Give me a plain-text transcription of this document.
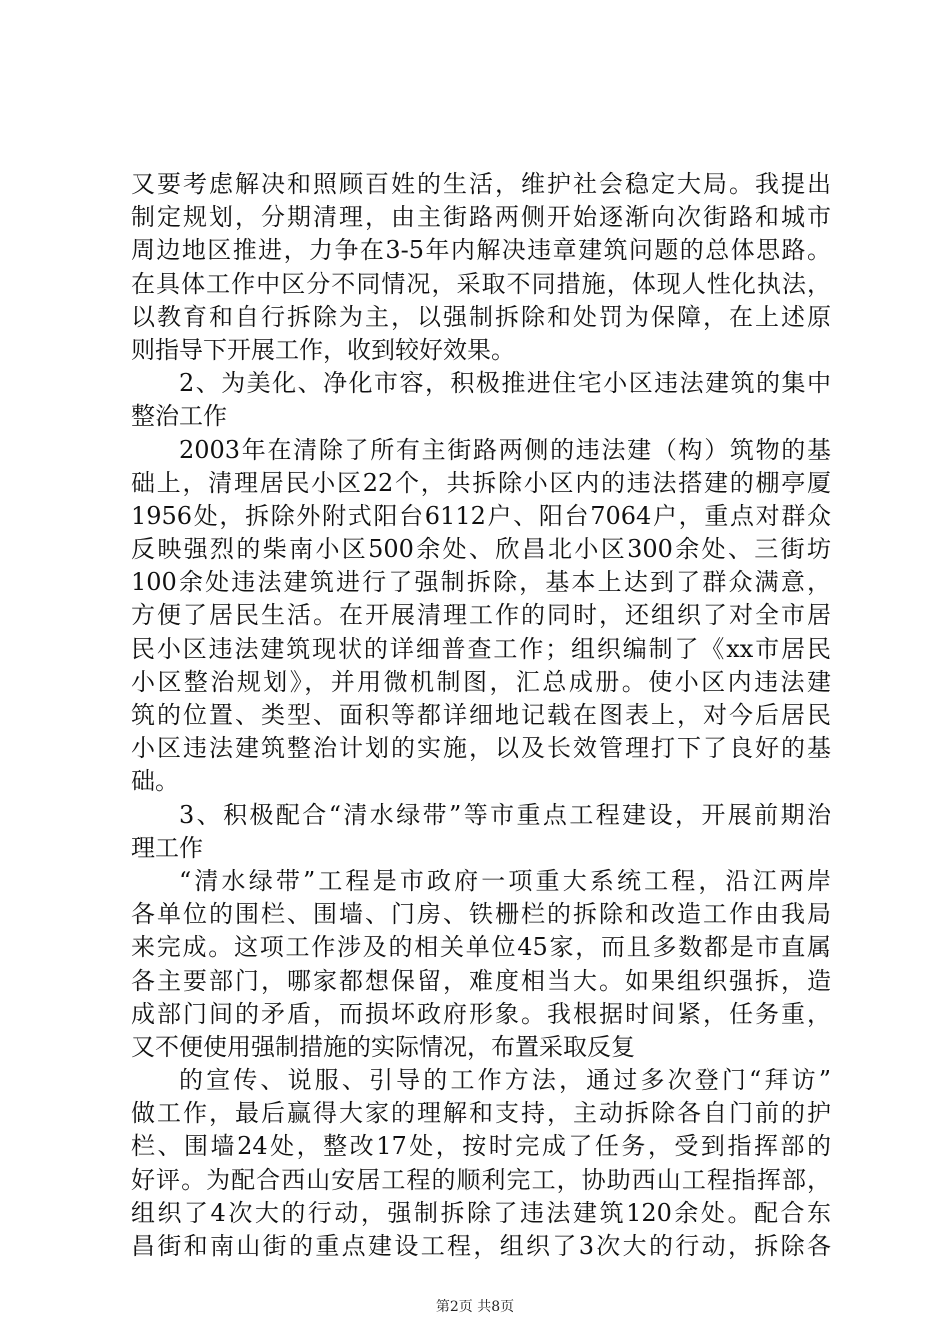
又要考虑解决和照顾百姓的生活，维护社会稳定大局。我提出
制定规划，分期清理，由主街路两侧开始逐渐向次街路和城市
周边地区推进，力争在3-5年内解决违章建筑问题的总体思路。
在具体工作中区分不同情况，采取不同措施，体现人性化执法，
以教育和自行拆除为主，以强制拆除和处罚为保障，在上述原
则指导下开展工作，收到较好效果。
2、为美化、净化市容，积极推进住宅小区违法建筑的集中
整治工作
2003年在清除了所有主街路两侧的违法建（构）筑物的基
础上，清理居民小区22个，共拆除小区内的违法搭建的棚亭厦
1956处，拆除外附式阳台6112户、阳台7064户，重点对群众
反映强烈的柴南小区500余处、欣昌北小区300余处、三街坊
100余处违法建筑进行了强制拆除，基本上达到了群众满意，
方便了居民生活。在开展清理工作的同时，还组织了对全市居
民小区违法建筑现状的详细普查工作；组织编制了《xx市居民
小区整治规划》，并用微机制图，汇总成册。使小区内违法建
筑的位置、类型、面积等都详细地记载在图表上，对今后居民
小区违法建筑整治计划的实施，以及长效管理打下了良好的基
础。
3、积极配合“清水绿带”等市重点工程建设，开展前期治
理工作
“清水绿带”工程是市政府一项重大系统工程，沿江两岸
各单位的围栏、围墙、门房、铁栅栏的拆除和改造工作由我局
来完成。这项工作涉及的相关单位45家，而且多数都是市直属
各主要部门，哪家都想保留，难度相当大。如果组织强拆，造
成部门间的矛盾，而损坏政府形象。我根据时间紧，任务重，
又不便使用强制措施的实际情况，布置采取反复
的宣传、说服、引导的工作方法，通过多次登门“拜访”
做工作，最后赢得大家的理解和支持，主动拆除各自门前的护
栏、围墙24处，整改17处，按时完成了任务，受到指挥部的
好评。为配合西山安居工程的顺利完工，协助西山工程指挥部，
组织了4次大的行动，强制拆除了违法建筑120余处。配合东
昌街和南山街的重点建设工程，组织了3次大的行动，拆除各
第2页 共8页
